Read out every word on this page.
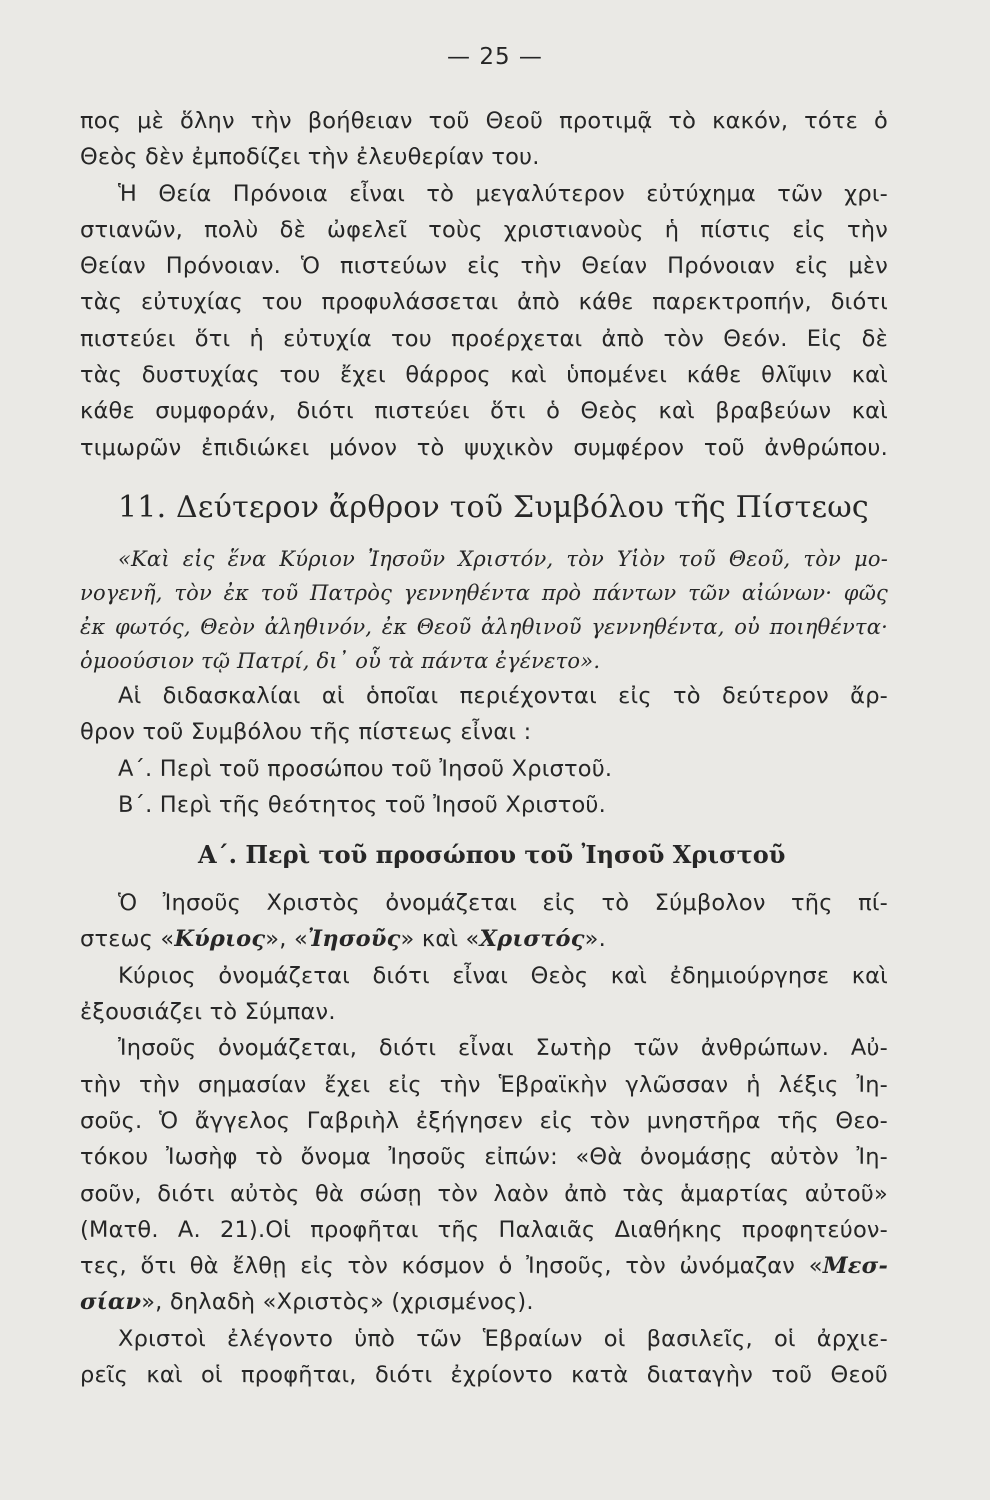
— 25 —
πος μὲ ὅλην τὴν βοήθειαν τοῦ Θεοῦ προτιμᾷ τὸ κακόν, τότε ὁ
Θεὸς δὲν ἐμποδίζει τὴν ἐλευθερίαν του.
Ἡ Θεία Πρόνοια εἶναι τὸ μεγαλύτερον εὐτύχημα τῶν χρι-
στιανῶν, πολὺ δὲ ὠφελεῖ τοὺς χριστιανοὺς ἡ πίστις εἰς τὴν
Θείαν Πρόνοιαν. Ὁ πιστεύων εἰς τὴν Θείαν Πρόνοιαν εἰς μὲν
τὰς εὐτυχίας του προφυλάσσεται ἀπὸ κάθε παρεκτροπήν, διότι
πιστεύει ὅτι ἡ εὐτυχία του προέρχεται ἀπὸ τὸν Θεόν. Εἰς δὲ
τὰς δυστυχίας του ἔχει θάρρος καὶ ὑπομένει κάθε θλῖψιν καὶ
κάθε συμφοράν, διότι πιστεύει ὅτι ὁ Θεὸς καὶ βραβεύων καὶ
τιμωρῶν ἐπιδιώκει μόνον τὸ ψυχικὸν συμφέρον τοῦ ἀνθρώπου.
11. Δεύτερον ἄρθρον τοῦ Συμβόλου τῆς Πίστεως
«Καὶ εἰς ἕνα Κύριον Ἰησοῦν Χριστόν, τὸν Υἱὸν τοῦ Θεοῦ, τὸν μο-
νογενῆ, τὸν ἐκ τοῦ Πατρὸς γεννηθέντα πρὸ πάντων τῶν αἰώνων· φῶς
ἐκ φωτός, Θεὸν ἀληθινόν, ἐκ Θεοῦ ἀληθινοῦ γεννηθέντα, οὐ ποιηθέντα·
ὁμοούσιον τῷ Πατρί, δι᾿ οὗ τὰ πάντα ἐγένετο».
Αἱ διδασκαλίαι αἱ ὁποῖαι περιέχονται εἰς τὸ δεύτερον ἄρ-
θρον τοῦ Συμβόλου τῆς πίστεως εἶναι :
Α΄. Περὶ τοῦ προσώπου τοῦ Ἰησοῦ Χριστοῦ.
Β΄. Περὶ τῆς θεότητος τοῦ Ἰησοῦ Χριστοῦ.
Α΄. Περὶ τοῦ προσώπου τοῦ Ἰησοῦ Χριστοῦ
Ὁ Ἰησοῦς Χριστὸς ὀνομάζεται εἰς τὸ Σύμβολον τῆς πί-
στεως «Κύριος», «Ἰησοῦς» καὶ «Χριστός».
Κύριος ὀνομάζεται διότι εἶναι Θεὸς καὶ ἐδημιούργησε καὶ
ἐξουσιάζει τὸ Σύμπαν.
Ἰησοῦς ὀνομάζεται, διότι εἶναι Σωτὴρ τῶν ἀνθρώπων. Αὐ-
τὴν τὴν σημασίαν ἔχει εἰς τὴν Ἑβραϊκὴν γλῶσσαν ἡ λέξις Ἰη-
σοῦς. Ὁ ἄγγελος Γαβριὴλ ἐξήγησεν εἰς τὸν μνηστῆρα τῆς Θεο-
τόκου Ἰωσὴφ τὸ ὄνομα Ἰησοῦς εἰπών: «Θὰ ὀνομάσῃς αὐτὸν Ἰη-
σοῦν, διότι αὐτὸς θὰ σώσῃ τὸν λαὸν ἀπὸ τὰς ἁμαρτίας αὐτοῦ»
(Ματθ. Α. 21).Οἱ προφῆται τῆς Παλαιᾶς Διαθήκης προφητεύον-
τες, ὅτι θὰ ἔλθῃ εἰς τὸν κόσμον ὁ Ἰησοῦς, τὸν ὠνόμαζαν «Μεσ-
σίαν», δηλαδὴ «Χριστὸς» (χρισμένος).
Χριστοὶ ἐλέγοντο ὑπὸ τῶν Ἑβραίων οἱ βασιλεῖς, οἱ ἀρχιε-
ρεῖς καὶ οἱ προφῆται, διότι ἐχρίοντο κατὰ διαταγὴν τοῦ Θεοῦ
